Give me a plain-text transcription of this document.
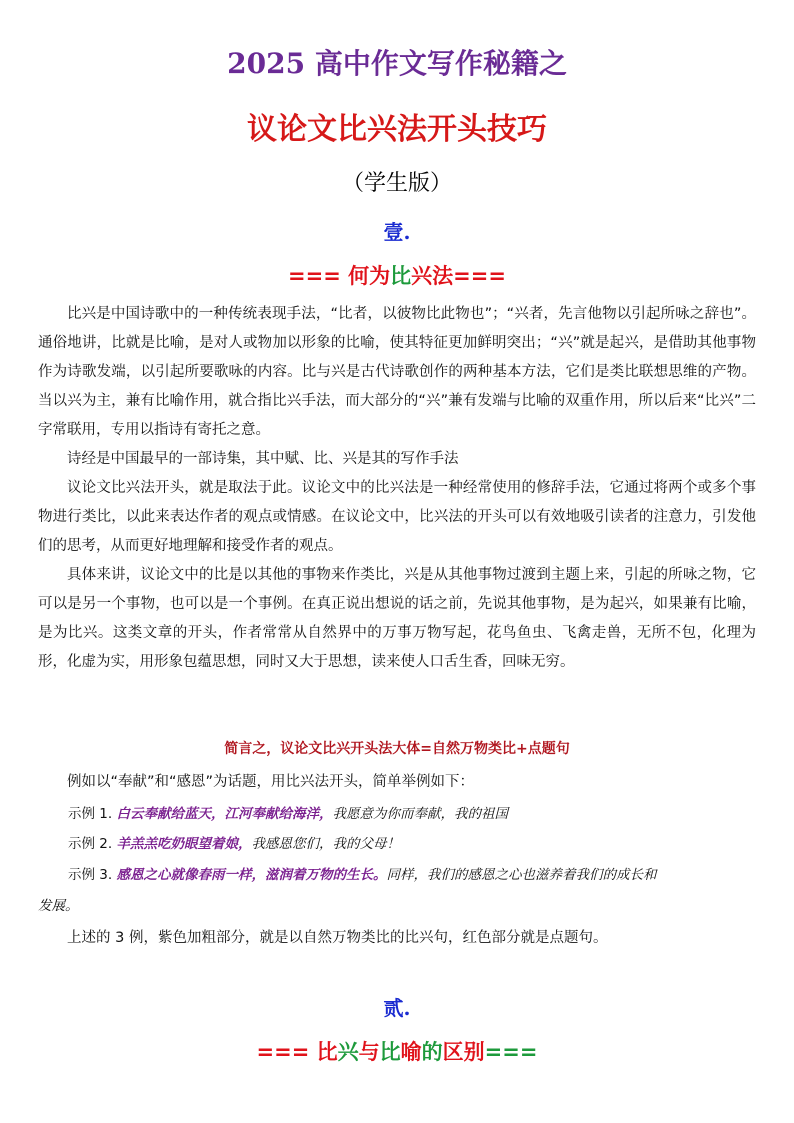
2025 高中作文写作秘籍之
议论文比兴法开头技巧
（学生版）
壹.
=== 何为比兴法===

比兴是中国诗歌中的一种传统表现手法，“比者，以彼物比此物也”；“兴者，先言他物以引起所咏之辞也”。通俗地讲，比就是比喻，是对人或物加以形象的比喻，使其特征更加鲜明突出；“兴”就是起兴，是借助其他事物作为诗歌发端，以引起所要歌咏的内容。比与兴是古代诗歌创作的两种基本方法，它们是类比联想思维的产物。当以兴为主，兼有比喻作用，就合指比兴手法，而大部分的“兴”兼有发端与比喻的双重作用，所以后来“比兴”二字常联用，专用以指诗有寄托之意。

诗经是中国最早的一部诗集，其中赋、比、兴是其的写作手法

议论文比兴法开头，就是取法于此。议论文中的比兴法是一种经常使用的修辞手法，它通过将两个或多个事物进行类比，以此来表达作者的观点或情感。在议论文中，比兴法的开头可以有效地吸引读者的注意力，引发他们的思考，从而更好地理解和接受作者的观点。

具体来讲，议论文中的比是以其他的事物来作类比，兴是从其他事物过渡到主题上来，引起的所咏之物，它可以是另一个事物，也可以是一个事例。在真正说出想说的话之前，先说其他事物，是为起兴，如果兼有比喻，是为比兴。这类文章的开头，作者常常从自然界中的万事万物写起，花鸟鱼虫、飞禽走兽，无所不包，化理为形，化虚为实，用形象包蕴思想，同时又大于思想，读来使人口舌生香，回味无穷。

简言之，议论文比兴开头法大体=自然万物类比+点题句

例如以“奉献”和“感恩”为话题，用比兴法开头，简单举例如下：

示例 1. 白云奉献给蓝天，江河奉献给海洋，我愿意为你而奉献，我的祖国
示例 2. 羊羔羔吃奶眼望着娘，我感恩您们，我的父母！
示例 3. 感恩之心就像春雨一样，滋润着万物的生长。同样，我们的感恩之心也滋养着我们的成长和
发展。

上述的 3 例，紫色加粗部分，就是以自然万物类比的比兴句，红色部分就是点题句。

贰.
=== 比兴与比喻的区别===
